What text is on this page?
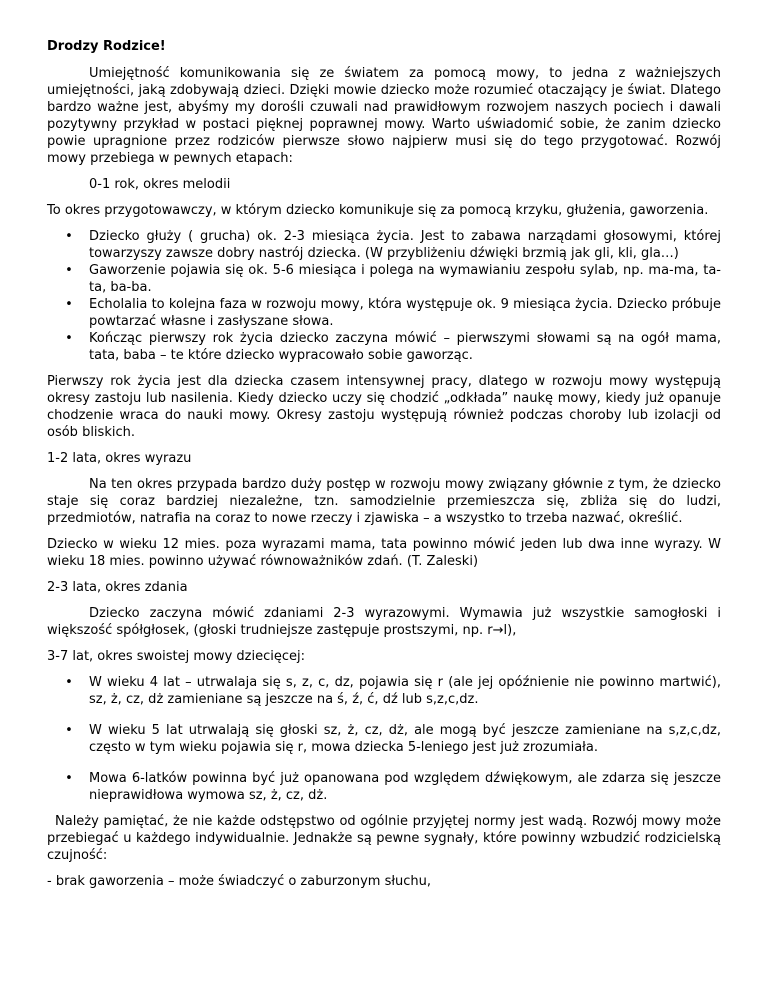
Drodzy Rodzice!

Umiejętność komunikowania się ze światem za pomocą mowy, to jedna z ważniejszych umiejętności, jaką zdobywają dzieci. Dzięki mowie dziecko może rozumieć otaczający je świat. Dlatego bardzo ważne jest, abyśmy my dorośli czuwali nad prawidłowym rozwojem naszych pociech i dawali pozytywny przykład w postaci pięknej poprawnej mowy. Warto uświadomić sobie, że zanim dziecko powie upragnione przez rodziców pierwsze słowo najpierw musi się do tego przygotować. Rozwój mowy przebiega w pewnych etapach:

0-1 rok, okres melodii

To okres przygotowawczy, w którym dziecko komunikuje się za pomocą krzyku, głużenia, gaworzenia.

•	Dziecko głuży ( grucha) ok. 2-3 miesiąca życia. Jest to zabawa narządami głosowymi, której towarzyszy zawsze dobry nastrój dziecka. (W przybliżeniu dźwięki brzmią jak gli, kli, gla…)
•	Gaworzenie pojawia się ok. 5-6 miesiąca i polega na wymawianiu zespołu sylab, np. ma-ma, ta-ta, ba-ba.
•	Echolalia to kolejna faza w rozwoju mowy, która występuje ok. 9 miesiąca życia. Dziecko próbuje powtarzać własne i zasłyszane słowa.
•	Kończąc pierwszy rok życia dziecko zaczyna mówić – pierwszymi słowami są na ogół mama, tata, baba – te które dziecko wypracowało sobie gaworząc.

Pierwszy rok życia jest dla dziecka czasem intensywnej pracy, dlatego w rozwoju mowy występują okresy zastoju lub nasilenia. Kiedy dziecko uczy się chodzić „odkłada” naukę mowy, kiedy już opanuje chodzenie wraca do nauki mowy. Okresy zastoju występują również podczas choroby lub izolacji od osób bliskich.

1-2 lata, okres wyrazu

Na ten okres przypada bardzo duży postęp w rozwoju mowy związany głównie z tym, że dziecko staje się coraz bardziej niezależne, tzn. samodzielnie przemieszcza się, zbliża się do ludzi, przedmiotów, natrafia na coraz to nowe rzeczy i zjawiska – a wszystko to trzeba nazwać, określić.

Dziecko w wieku 12 mies. poza wyrazami mama, tata powinno mówić jeden lub dwa inne wyrazy. W wieku 18 mies. powinno używać równoważników zdań. (T. Zaleski)

2-3 lata, okres zdania

Dziecko zaczyna mówić zdaniami 2-3 wyrazowymi. Wymawia już wszystkie samogłoski i większość spółgłosek, (głoski trudniejsze zastępuje prostszymi, np. r→l),

3-7 lat, okres swoistej mowy dziecięcej:

•	W wieku 4 lat – utrwalaja się s, z, c, dz, pojawia się r (ale jej opóźnienie nie powinno martwić), sz, ż, cz, dż zamieniane są jeszcze na ś, ź, ć, dź lub s,z,c,dz.
•	W wieku 5 lat utrwalają się głoski sz, ż, cz, dż, ale mogą być jeszcze zamieniane na s,z,c,dz, często w tym wieku pojawia się r, mowa dziecka 5-leniego jest już zrozumiała.
•	Mowa 6-latków powinna być już opanowana pod względem dźwiękowym, ale zdarza się jeszcze nieprawidłowa wymowa sz, ż, cz, dż.

Należy pamiętać, że nie każde odstępstwo od ogólnie przyjętej normy jest wadą. Rozwój mowy może przebiegać u każdego indywidualnie. Jednakże są pewne sygnały, które powinny wzbudzić rodzicielską czujność:

- brak gaworzenia – może świadczyć o zaburzonym słuchu,
